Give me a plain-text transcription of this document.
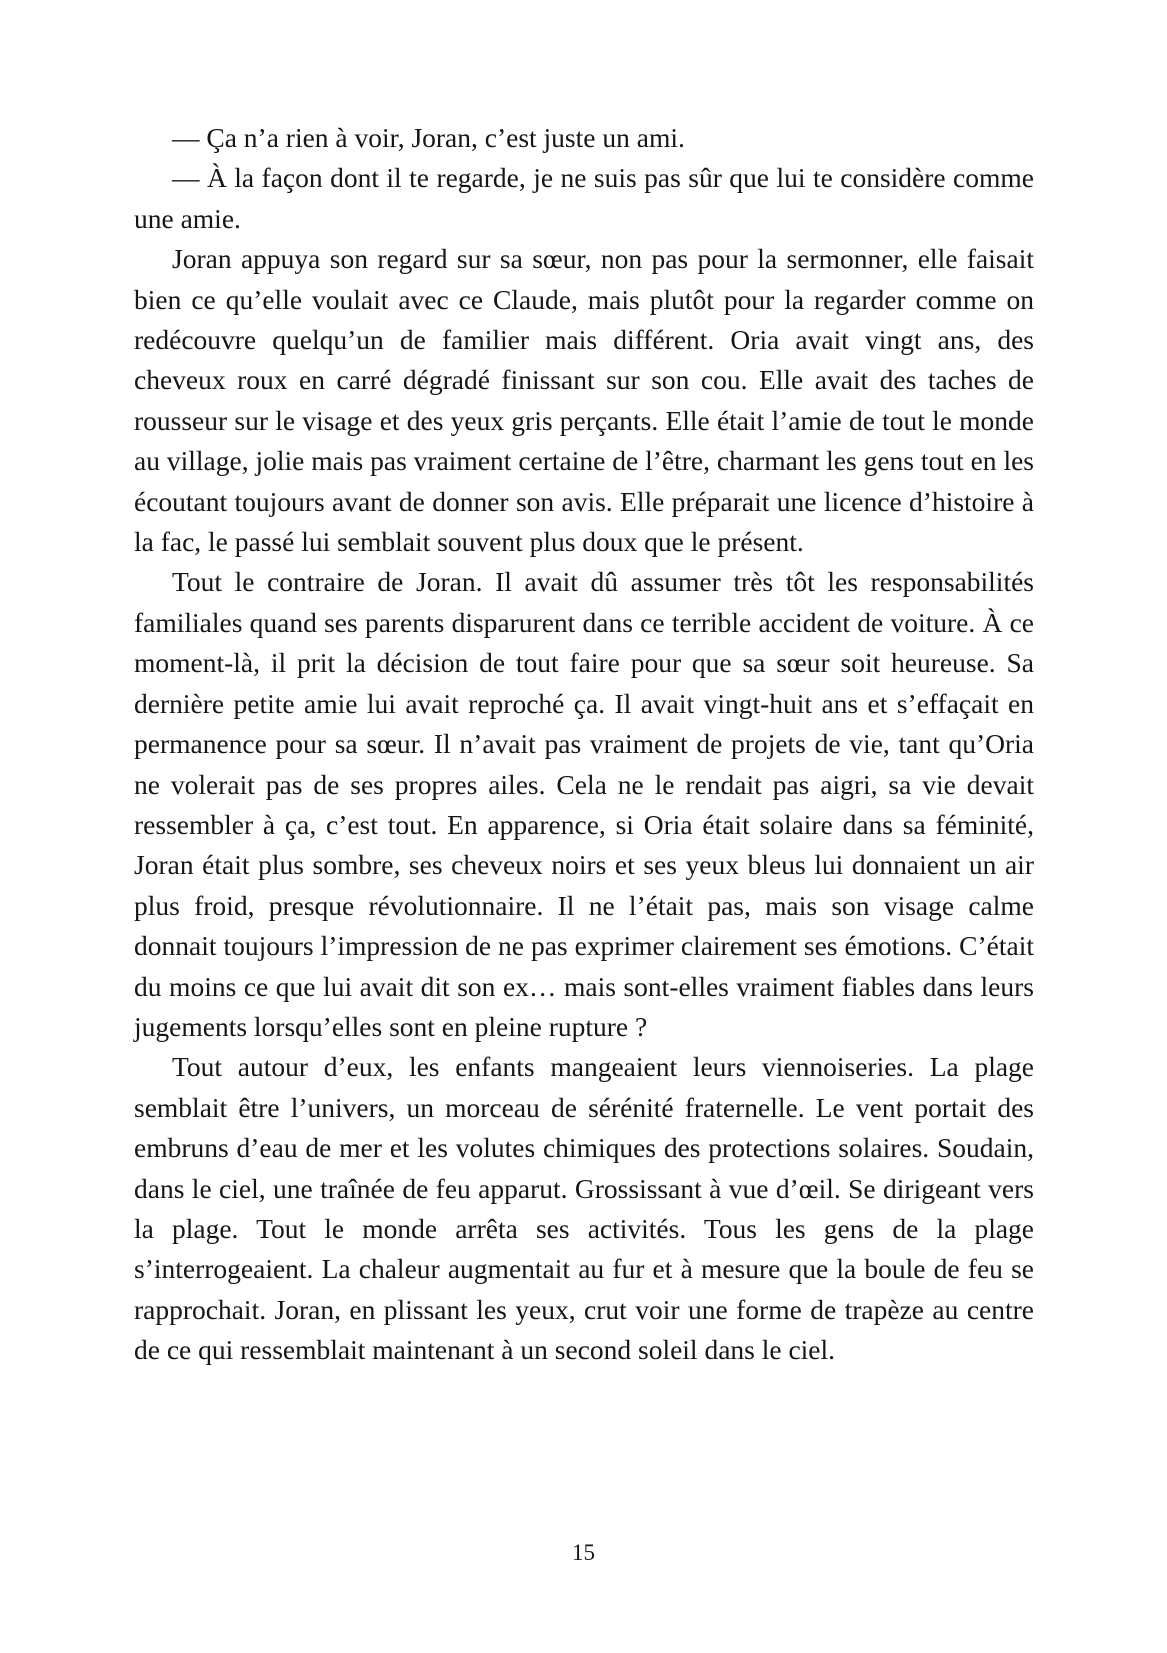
— Ça n’a rien à voir, Joran, c’est juste un ami.

— À la façon dont il te regarde, je ne suis pas sûr que lui te considère comme une amie.

Joran appuya son regard sur sa sœur, non pas pour la sermonner, elle faisait bien ce qu’elle voulait avec ce Claude, mais plutôt pour la regarder comme on redécouvre quelqu’un de familier mais différent. Oria avait vingt ans, des cheveux roux en carré dégradé finissant sur son cou. Elle avait des taches de rousseur sur le visage et des yeux gris perçants. Elle était l’amie de tout le monde au village, jolie mais pas vraiment certaine de l’être, charmant les gens tout en les écoutant toujours avant de donner son avis. Elle préparait une licence d’histoire à la fac, le passé lui semblait souvent plus doux que le présent.

Tout le contraire de Joran. Il avait dû assumer très tôt les responsabilités familiales quand ses parents disparurent dans ce terrible accident de voiture. À ce moment-là, il prit la décision de tout faire pour que sa sœur soit heureuse. Sa dernière petite amie lui avait reproché ça. Il avait vingt-huit ans et s’effaçait en permanence pour sa sœur. Il n’avait pas vraiment de projets de vie, tant qu’Oria ne volerait pas de ses propres ailes. Cela ne le rendait pas aigri, sa vie devait ressembler à ça, c’est tout. En apparence, si Oria était solaire dans sa féminité, Joran était plus sombre, ses cheveux noirs et ses yeux bleus lui donnaient un air plus froid, presque révolutionnaire. Il ne l’était pas, mais son visage calme donnait toujours l’impression de ne pas exprimer clairement ses émotions. C’était du moins ce que lui avait dit son ex… mais sont-elles vraiment fiables dans leurs jugements lorsqu’elles sont en pleine rupture ?

Tout autour d’eux, les enfants mangeaient leurs viennoiseries. La plage semblait être l’univers, un morceau de sérénité fraternelle. Le vent portait des embruns d’eau de mer et les volutes chimiques des protections solaires. Soudain, dans le ciel, une traînée de feu apparut. Grossissant à vue d’œil. Se dirigeant vers la plage. Tout le monde arrêta ses activités. Tous les gens de la plage s’interrogeaient. La chaleur augmentait au fur et à mesure que la boule de feu se rapprochait. Joran, en plissant les yeux, crut voir une forme de trapèze au centre de ce qui ressemblait maintenant à un second soleil dans le ciel.

15
